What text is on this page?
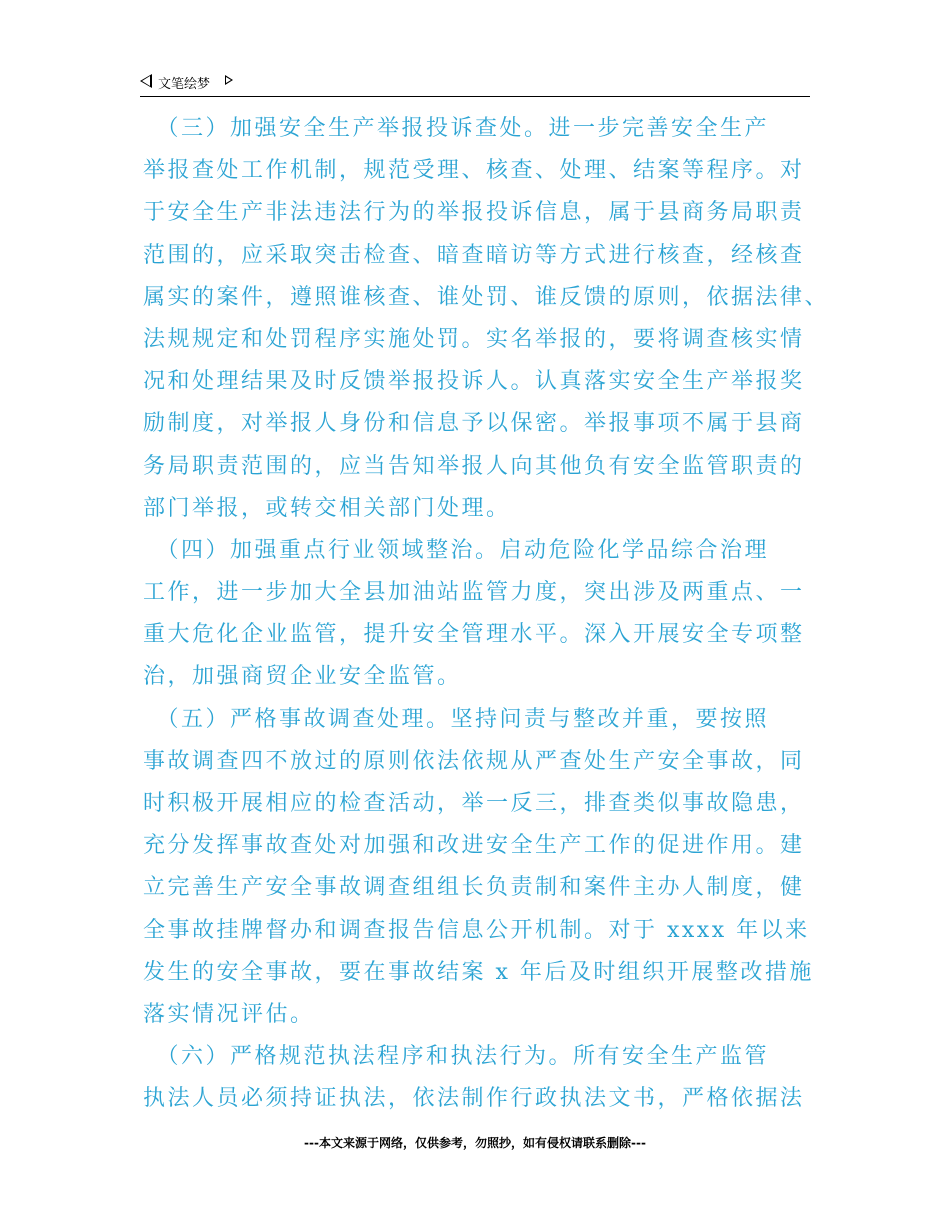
文笔绘梦
　（三）加强安全生产举报投诉查处。进一步完善安全生产
举报查处工作机制，规范受理、核查、处理、结案等程序。对
于安全生产非法违法行为的举报投诉信息，属于县商务局职责
范围的，应采取突击检查、暗查暗访等方式进行核查，经核查
属实的案件，遵照谁核查、谁处罚、谁反馈的原则，依据法律、
法规规定和处罚程序实施处罚。实名举报的，要将调查核实情
况和处理结果及时反馈举报投诉人。认真落实安全生产举报奖
励制度，对举报人身份和信息予以保密。举报事项不属于县商
务局职责范围的，应当告知举报人向其他负有安全监管职责的
部门举报，或转交相关部门处理。
　（四）加强重点行业领域整治。启动危险化学品综合治理
工作，进一步加大全县加油站监管力度，突出涉及两重点、一
重大危化企业监管，提升安全管理水平。深入开展安全专项整
治，加强商贸企业安全监管。
　（五）严格事故调查处理。坚持问责与整改并重，要按照
事故调查四不放过的原则依法依规从严查处生产安全事故，同
时积极开展相应的检查活动，举一反三，排查类似事故隐患，
充分发挥事故查处对加强和改进安全生产工作的促进作用。建
立完善生产安全事故调查组组长负责制和案件主办人制度，健
全事故挂牌督办和调查报告信息公开机制。对于 xxxx 年以来
发生的安全事故，要在事故结案 x 年后及时组织开展整改措施
落实情况评估。
　（六）严格规范执法程序和执法行为。所有安全生产监管
执法人员必须持证执法，依法制作行政执法文书，严格依据法
---本文来源于网络，仅供参考，勿照抄，如有侵权请联系删除---
